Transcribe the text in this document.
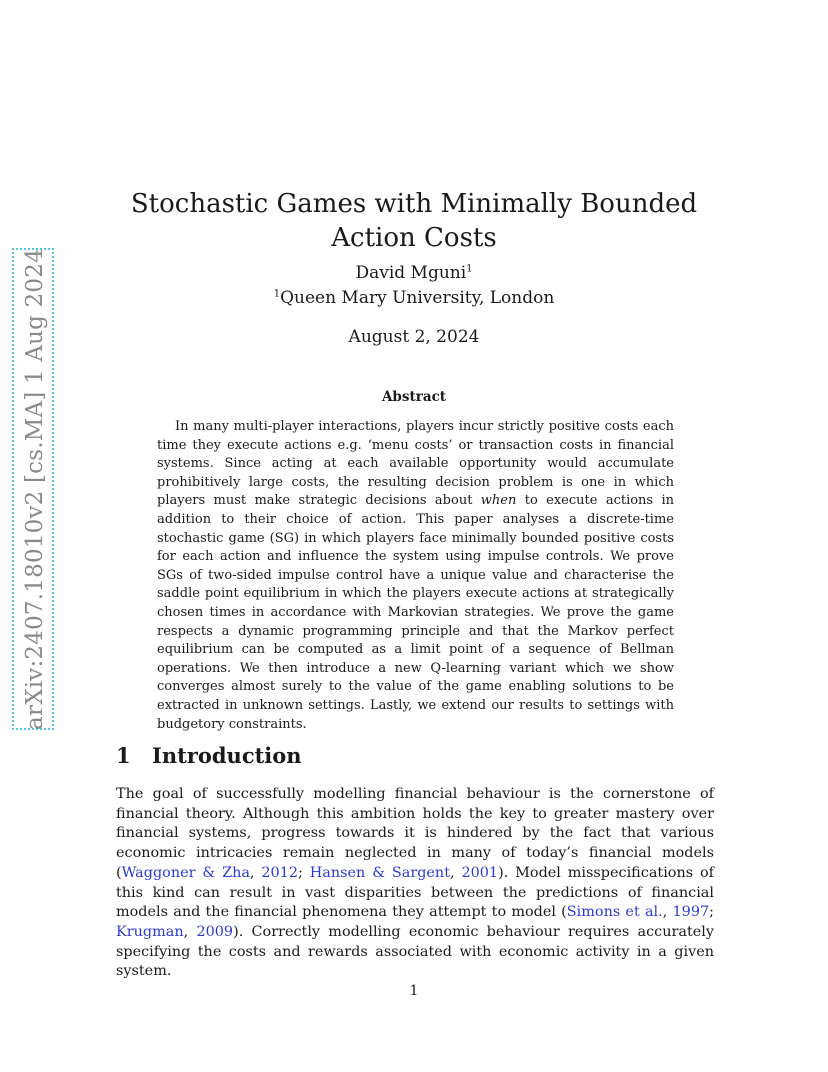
arXiv:2407.18010v2 [cs.MA] 1 Aug 2024
Stochastic Games with Minimally Bounded Action Costs
David Mguni$^1$
$^1$Queen Mary University, London
August 2, 2024
Abstract

In many multi-player interactions, players incur strictly positive costs each time they execute actions e.g. ‘menu costs’ or transaction costs in financial systems. Since acting at each available opportunity would accumulate prohibitively large costs, the resulting decision problem is one in which players must make strategic decisions about when to execute actions in addition to their choice of action. This paper analyses a discrete-time stochastic game (SG) in which players face minimally bounded positive costs for each action and influence the system using impulse controls. We prove SGs of two-sided impulse control have a unique value and characterise the saddle point equilibrium in which the players execute actions at strategically chosen times in accordance with Markovian strategies. We prove the game respects a dynamic programming principle and that the Markov perfect equilibrium can be computed as a limit point of a sequence of Bellman operations. We then introduce a new Q-learning variant which we show converges almost surely to the value of the game enabling solutions to be extracted in unknown settings. Lastly, we extend our results to settings with budgetory constraints.

1 Introduction

The goal of successfully modelling financial behaviour is the cornerstone of financial theory. Although this ambition holds the key to greater mastery over financial systems, progress towards it is hindered by the fact that various economic intricacies remain neglected in many of today’s financial models (Waggoner & Zha, 2012; Hansen & Sargent, 2001). Model misspecifications of this kind can result in vast disparities between the predictions of financial models and the financial phenomena they attempt to model (Simons et al., 1997; Krugman, 2009). Correctly modelling economic behaviour requires accurately specifying the costs and rewards associated with economic activity in a given system.

1
